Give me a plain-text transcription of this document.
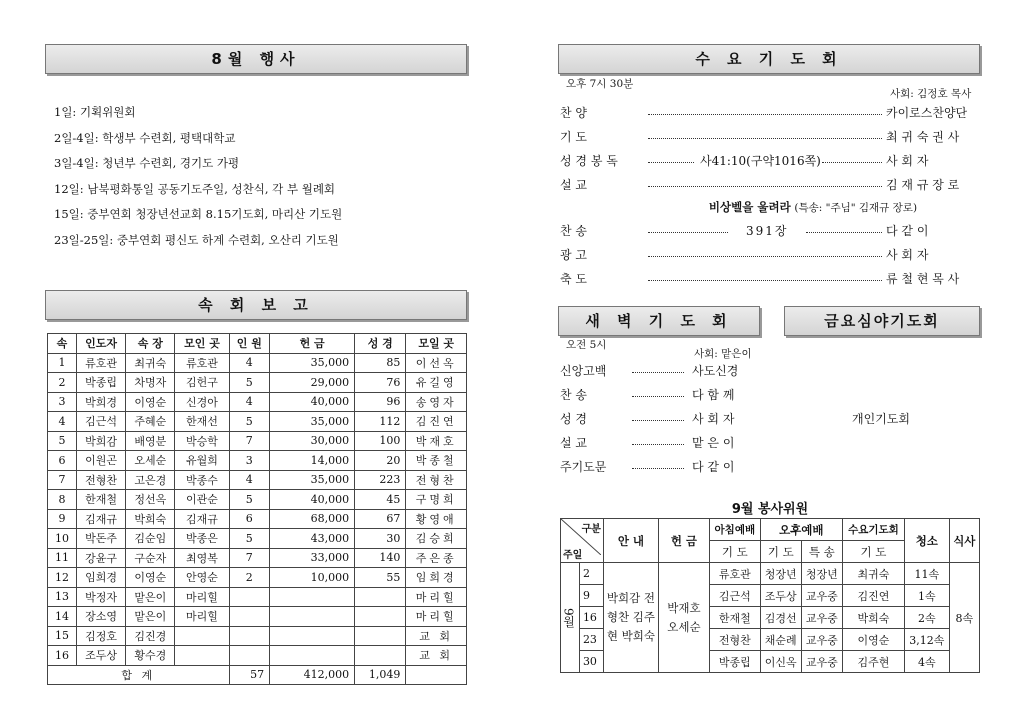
8월 행사
1일: 기획위원회
2일-4일: 학생부 수련회, 평택대학교
3일-4일: 청년부 수련회, 경기도 가평
12일: 남북평화통일 공동기도주일, 성찬식, 각 부 월례회
15일: 중부연회 청장년선교회 8.15기도회, 마리산 기도원
23일-25일: 중부연회 평신도 하계 수련회, 오산리 기도원
속 회 보 고
속	인도자	속 장	모인 곳	인 원	헌 금	성 경	모일 곳
1	류호관	최귀숙	류호관	4	35,000	85	이선옥
2	박종립	차명자	김헌구	5	29,000	76	유길영
3	박희경	이영순	신경아	4	40,000	96	송영자
4	김근석	주혜순	한재선	5	35,000	112	김진연
5	박희감	배영분	박승학	7	30,000	100	박재호
6	이원곤	오세순	유월희	3	14,000	20	박종철
7	전형찬	고은경	박종수	4	35,000	223	전형찬
8	한재철	정선옥	이관순	5	40,000	45	구명희
9	김재규	박희숙	김재규	6	68,000	67	황영애
10	박돈주	김순임	박종은	5	43,000	30	김승희
11	강윤구	구순자	최영복	7	33,000	140	주은종
12	임희경	이영순	안영순	2	10,000	55	임희경
13	박정자	맡은이	마리힐				마리힐
14	장소영	맡은이	마리힐				마리힐
15	김정호	김진경					교 회
16	조두상	황수경					교 회
합 계				57	412,000	1,049	
수 요 기 도 회
오후 7시 30분
사회: 김정호 목사
찬 양	카이로스찬양단
기 도	최 귀 숙 권 사
성 경 봉 독	사41:10(구약1016쪽)	사 회 자
설 교	김 재 규 장 로
비상벨을 울려라 (특송: "주님" 김재규 장로)
찬 송	391장	다 같 이
광 고	사 회 자
축 도	류 철 현 목 사
새 벽 기 도 회
오전 5시
사회: 맡은이
신앙고백	사도신경
찬 송	다 함 께
성 경	사 회 자
설 교	맡 은 이
주기도문	다 같 이
금요심야기도회
개인기도회
9월 봉사위원
구분
주일		안 내	헌 금	아침예배	오후예배		수요기도회	청소	식사
				기 도	기 도	특 송	기 도		

9월	2	박희감 전형찬 김주현 박희숙	박재호 오세순	류호관	청장년	청장년	최귀숙	11속	8속
	9			김근석	조두상	교우중	김진연	1속	
	16			한재철	김경선	교우중	박희숙	2속	
	23			전형찬	채순례	교우중	이영순	3,12속	
	30			박종립	이신옥	교우중	김주현	4속	
